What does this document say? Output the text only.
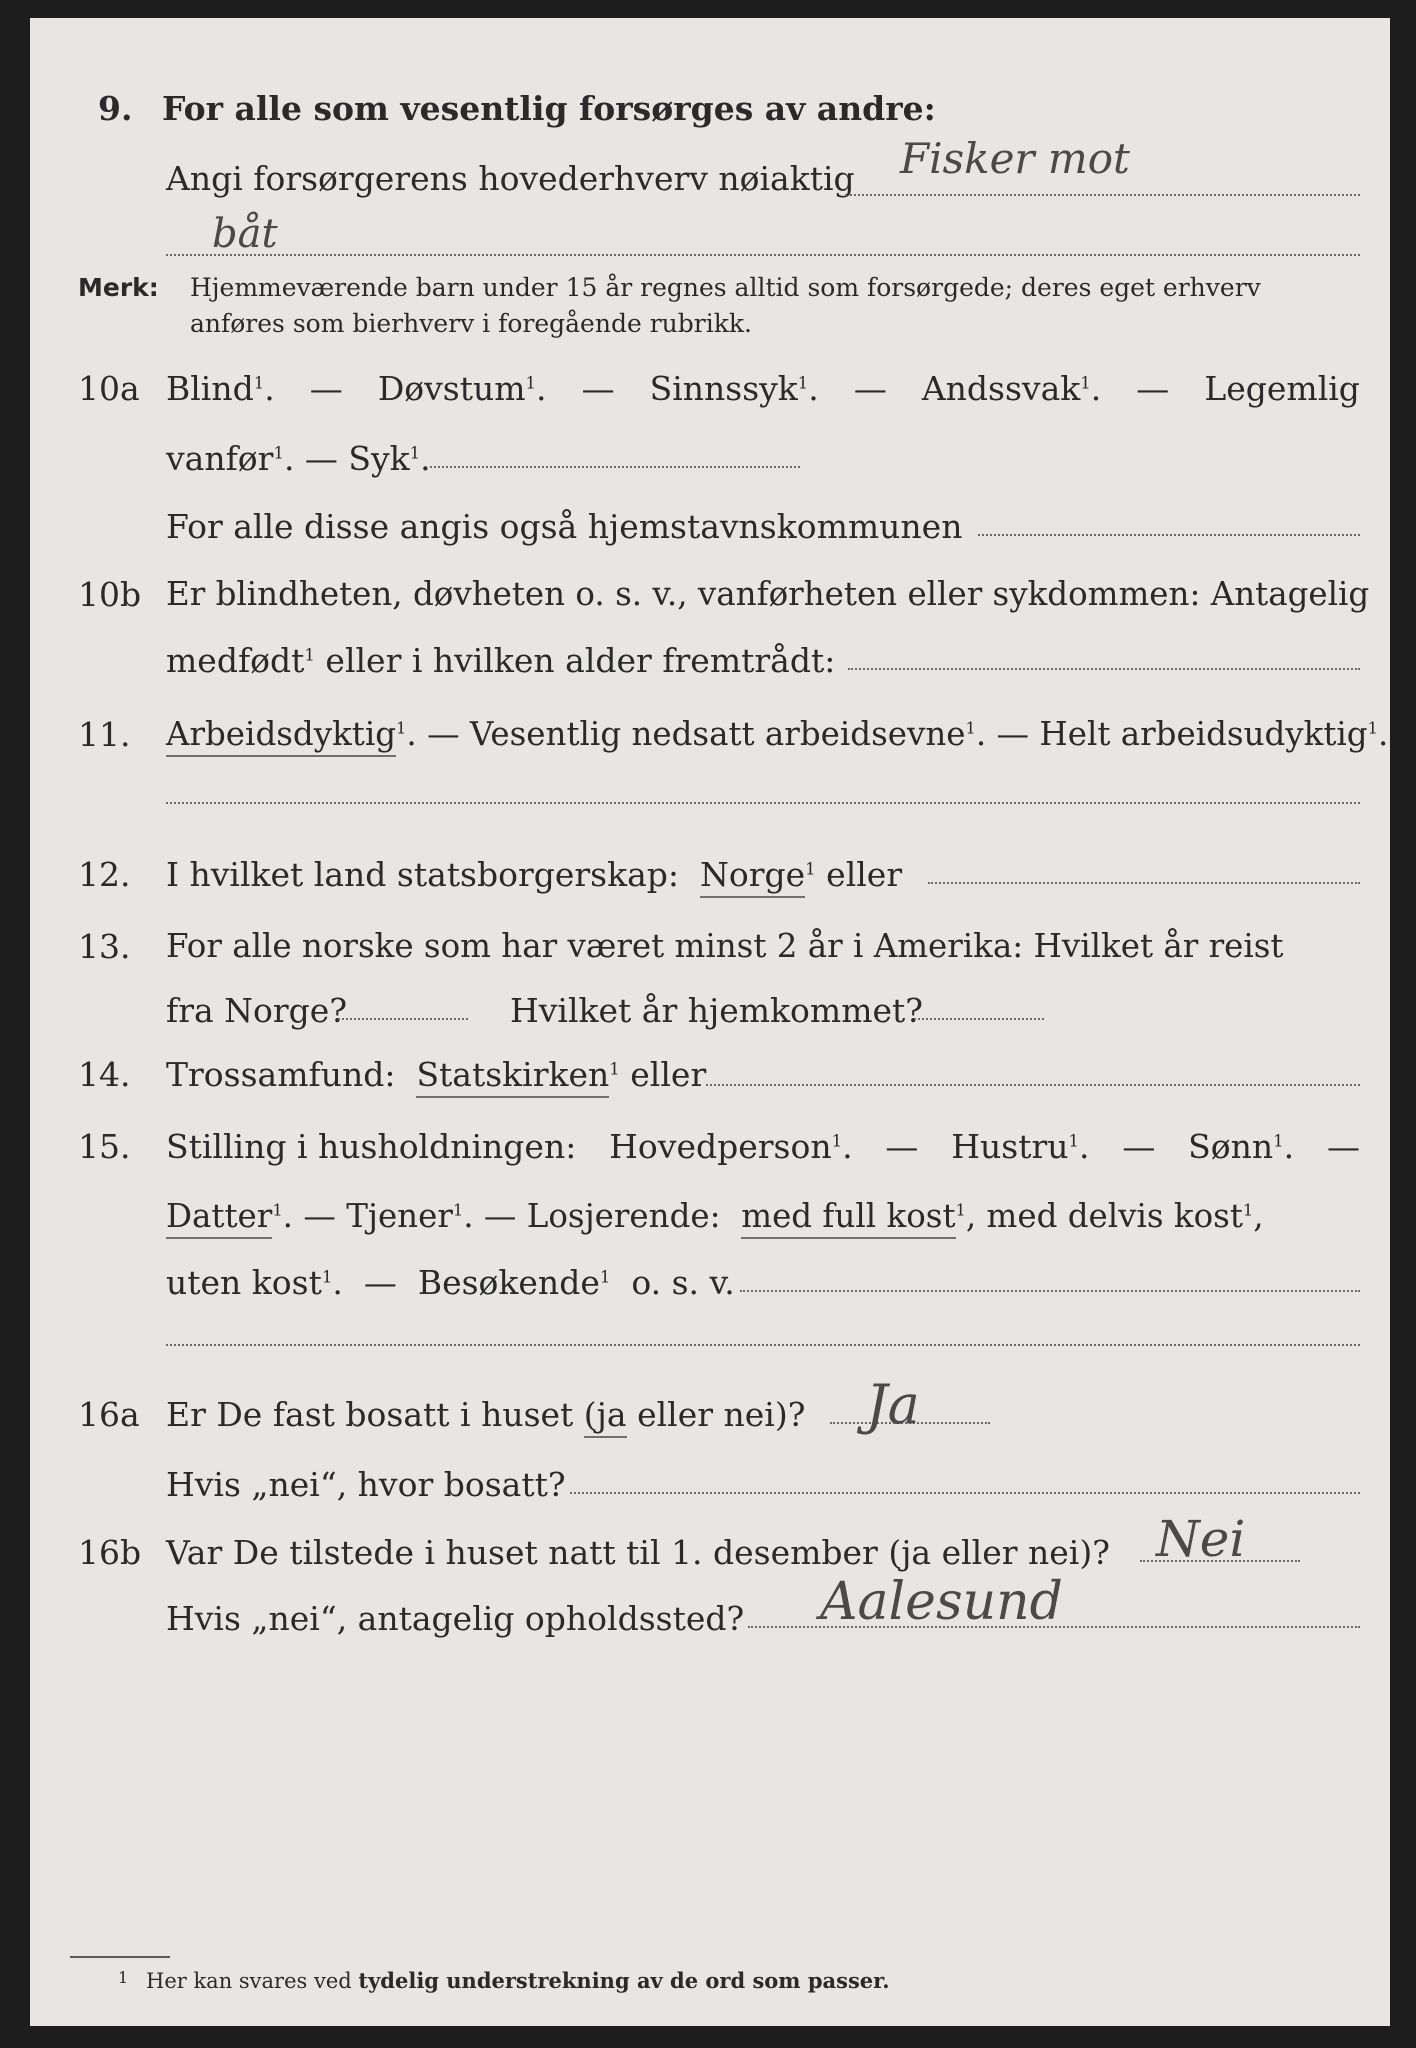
9. For alle som vesentlig forsørges av andre:
Angi forsørgerens hovederhverv nøiaktig Fisker mot
båt
Merk: Hjemmeværende barn under 15 år regnes alltid som forsørgede; deres eget erhverv
anføres som bierhverv i foregående rubrikk.
10a Blind$^1$. — Døvstum$^1$. — Sinnssyk$^1$. — Andssvak$^1$. — Legemlig
vanfør$^1$. — Syk$^1$.
For alle disse angis også hjemstavnskommunen
10b Er blindheten, døvheten o. s. v., vanførheten eller sykdommen: Antagelig
medfødt$^1$ eller i hvilken alder fremtrådt:
11. Arbeidsdyktig$^1$. — Vesentlig nedsatt arbeidsevne$^1$. — Helt arbeidsudyktig$^1$.
12. I hvilket land statsborgerskap: Norge$^1$ eller
13. For alle norske som har været minst 2 år i Amerika: Hvilket år reist
fra Norge?	Hvilket år hjemkommet?
14. Trossamfund: Statskirken$^1$ eller
15. Stilling i husholdningen: Hovedperson$^1$. — Hustru$^1$. — Sønn$^1$. —
Datter$^1$. — Tjener$^1$. — Losjerende: med full kost$^1$, med delvis kost$^1$,
uten kost$^1$.  — Besøkende$^1$ o. s. v.
16a Er De fast bosatt i huset (ja eller nei)? Ja
Hvis „nei“, hvor bosatt?
16b Var De tilstede i huset natt til 1. desember (ja eller nei)? Nei
Hvis „nei“, antagelig opholdssted? Aalesund
1 Her kan svares ved tydelig understrekning av de ord som passer.
